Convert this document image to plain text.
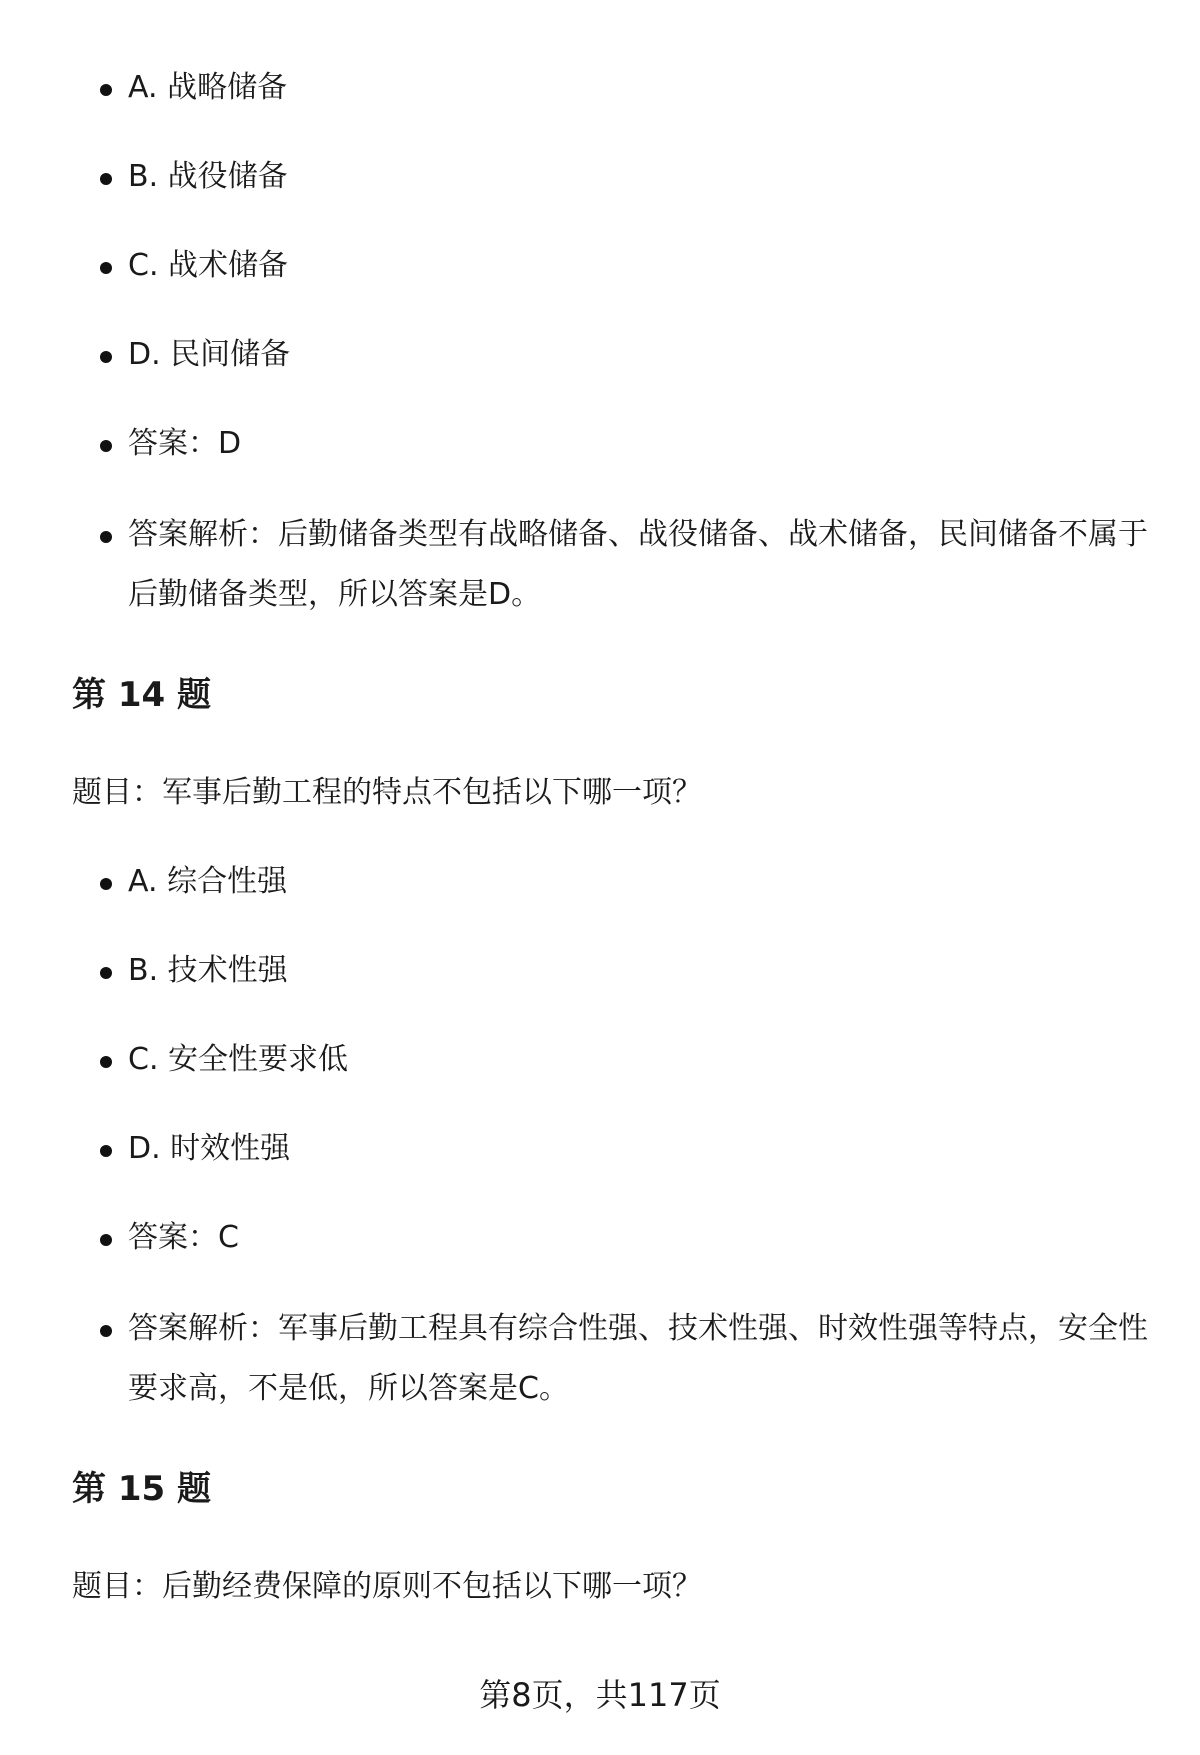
A. 战略储备
B. 战役储备
C. 战术储备
D. 民间储备
答案：D
答案解析：后勤储备类型有战略储备、战役储备、战术储备，民间储备不属于后勤储备类型，所以答案是D。
第 14 题

题目：军事后勤工程的特点不包括以下哪一项？

A. 综合性强
B. 技术性强
C. 安全性要求低
D. 时效性强
答案：C
答案解析：军事后勤工程具有综合性强、技术性强、时效性强等特点，安全性要求高，不是低，所以答案是C。
第 15 题

题目：后勤经费保障的原则不包括以下哪一项？

第8页，共117页
